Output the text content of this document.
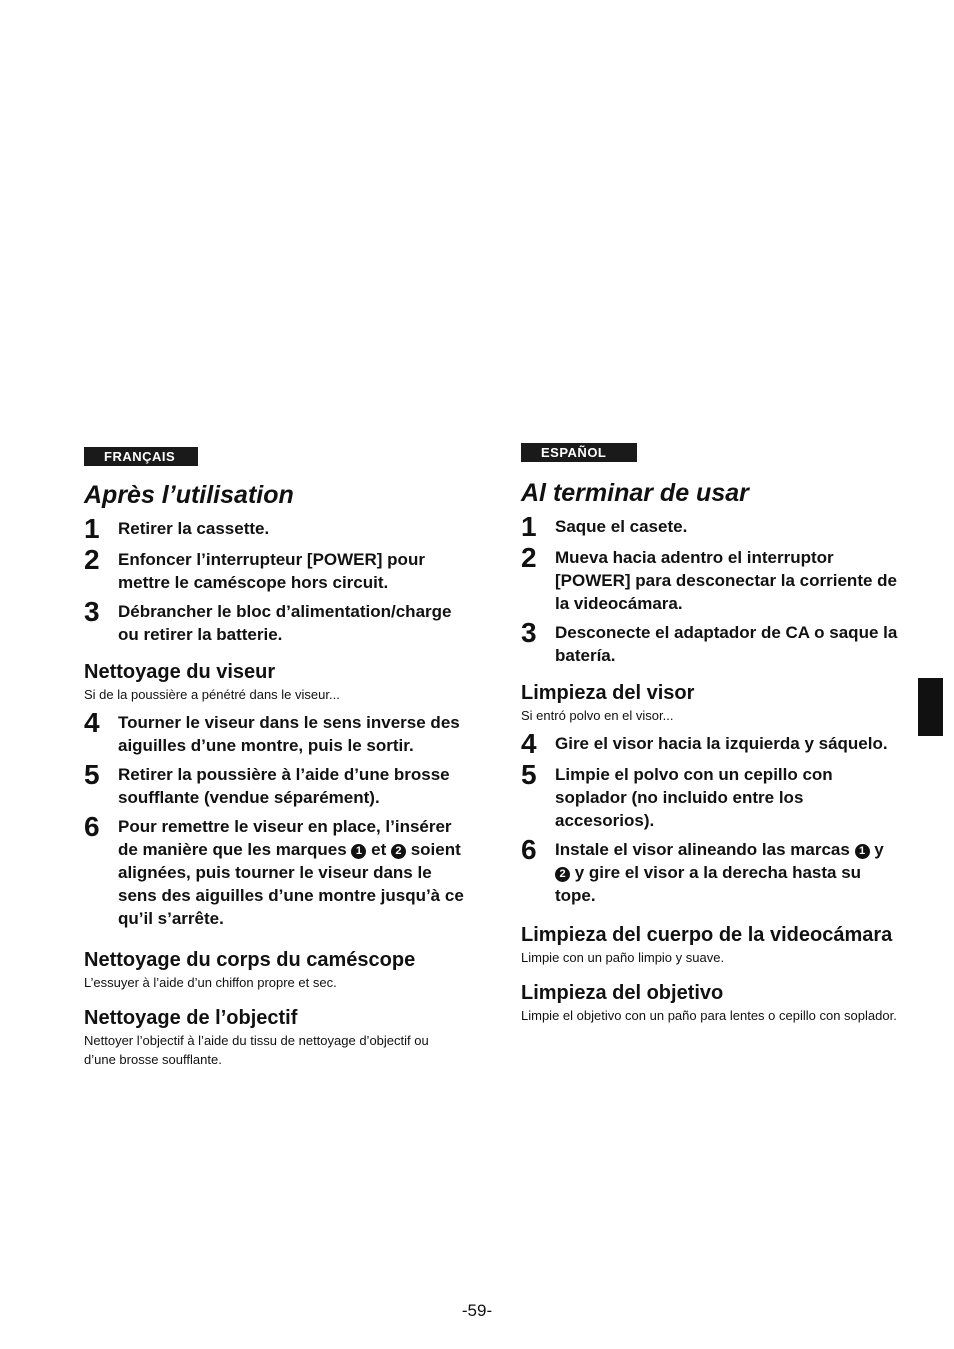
FRANÇAIS
Après l’utilisation
1	Retirer la cassette.
2	Enfoncer l’interrupteur [POWER] pour mettre le caméscope hors circuit.
3	Débrancher le bloc d’alimentation/charge ou retirer la batterie.
Nettoyage du viseur
Si de la poussière a pénétré dans le viseur...
4	Tourner le viseur dans le sens inverse des aiguilles d’une montre, puis le sortir.
5	Retirer la poussière à l’aide d’une brosse soufflante (vendue séparément).
6	Pour remettre le viseur en place, l’insérer de manière que les marques 1 et 2 soient alignées, puis tourner le viseur dans le sens des aiguilles d’une montre jusqu’à ce qu’il s’arrête.
Nettoyage du corps du caméscope
L’essuyer à l’aide d’un chiffon propre et sec.
Nettoyage de l’objectif
Nettoyer l’objectif à l’aide du tissu de nettoyage d’objectif ou d’une brosse soufflante.
ESPAÑOL
Al terminar de usar
1	Saque el casete.
2	Mueva hacia adentro el interruptor [POWER] para desconectar la corriente de la videocámara.
3	Desconecte el adaptador de CA o saque la batería.
Limpieza del visor
Si entró polvo en el visor...
4	Gire el visor hacia la izquierda y sáquelo.
5	Limpie el polvo con un cepillo con soplador (no incluido entre los accesorios).
6	Instale el visor alineando las marcas 1 y 2 y gire el visor a la derecha hasta su tope.
Limpieza del cuerpo de la videocámara
Limpie con un paño limpio y suave.
Limpieza del objetivo
Limpie el objetivo con un paño para lentes o cepillo con soplador.
-59-
